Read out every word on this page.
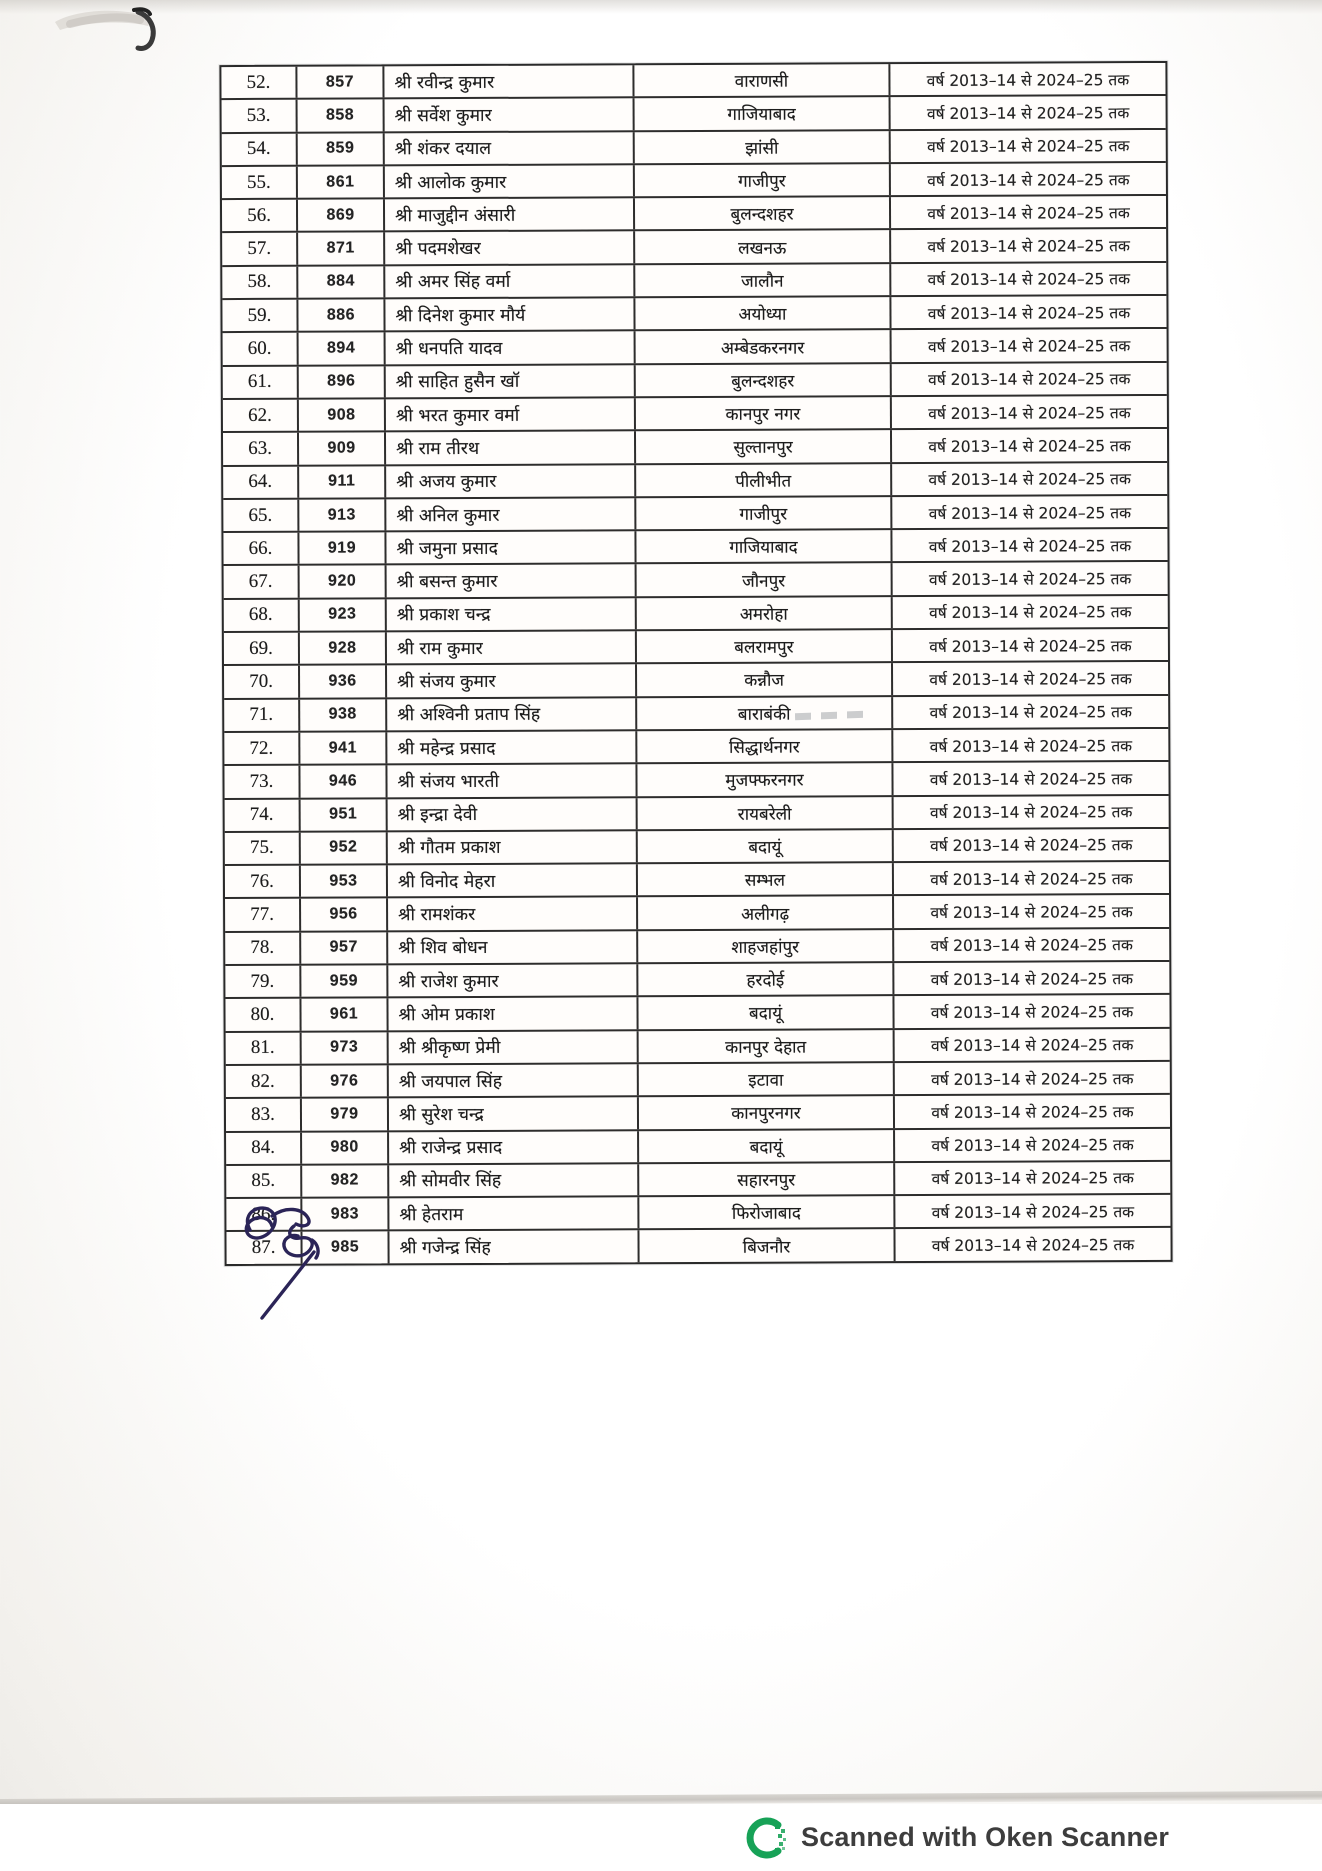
52.	857	श्री रवीन्द्र कुमार	वाराणसी	वर्ष 2013–14 से 2024–25 तक
53.	858	श्री सर्वेश कुमार	गाजियाबाद	वर्ष 2013–14 से 2024–25 तक
54.	859	श्री शंकर दयाल	झांसी	वर्ष 2013–14 से 2024–25 तक
55.	861	श्री आलोक कुमार	गाजीपुर	वर्ष 2013–14 से 2024–25 तक
56.	869	श्री माजुद्दीन अंसारी	बुलन्दशहर	वर्ष 2013–14 से 2024–25 तक
57.	871	श्री पदमशेखर	लखनऊ	वर्ष 2013–14 से 2024–25 तक
58.	884	श्री अमर सिंह वर्मा	जालौन	वर्ष 2013–14 से 2024–25 तक
59.	886	श्री दिनेश कुमार मौर्य	अयोध्या	वर्ष 2013–14 से 2024–25 तक
60.	894	श्री धनपति यादव	अम्बेडकरनगर	वर्ष 2013–14 से 2024–25 तक
61.	896	श्री साहित हुसैन खॉ	बुलन्दशहर	वर्ष 2013–14 से 2024–25 तक
62.	908	श्री भरत कुमार वर्मा	कानपुर नगर	वर्ष 2013–14 से 2024–25 तक
63.	909	श्री राम तीरथ	सुल्तानपुर	वर्ष 2013–14 से 2024–25 तक
64.	911	श्री अजय कुमार	पीलीभीत	वर्ष 2013–14 से 2024–25 तक
65.	913	श्री अनिल कुमार	गाजीपुर	वर्ष 2013–14 से 2024–25 तक
66.	919	श्री जमुना प्रसाद	गाजियाबाद	वर्ष 2013–14 से 2024–25 तक
67.	920	श्री बसन्त कुमार	जौनपुर	वर्ष 2013–14 से 2024–25 तक
68.	923	श्री प्रकाश चन्द्र	अमरोहा	वर्ष 2013–14 से 2024–25 तक
69.	928	श्री राम कुमार	बलरामपुर	वर्ष 2013–14 से 2024–25 तक
70.	936	श्री संजय कुमार	कन्नौज	वर्ष 2013–14 से 2024–25 तक
71.	938	श्री अश्विनी प्रताप सिंह	बाराबंकी	वर्ष 2013–14 से 2024–25 तक
72.	941	श्री महेन्द्र प्रसाद	सिद्धार्थनगर	वर्ष 2013–14 से 2024–25 तक
73.	946	श्री संजय भारती	मुजफ्फरनगर	वर्ष 2013–14 से 2024–25 तक
74.	951	श्री इन्द्रा देवी	रायबरेली	वर्ष 2013–14 से 2024–25 तक
75.	952	श्री गौतम प्रकाश	बदायूं	वर्ष 2013–14 से 2024–25 तक
76.	953	श्री विनोद मेहरा	सम्भल	वर्ष 2013–14 से 2024–25 तक
77.	956	श्री रामशंकर	अलीगढ़	वर्ष 2013–14 से 2024–25 तक
78.	957	श्री शिव बोधन	शाहजहांपुर	वर्ष 2013–14 से 2024–25 तक
79.	959	श्री राजेश कुमार	हरदोई	वर्ष 2013–14 से 2024–25 तक
80.	961	श्री ओम प्रकाश	बदायूं	वर्ष 2013–14 से 2024–25 तक
81.	973	श्री श्रीकृष्ण प्रेमी	कानपुर देहात	वर्ष 2013–14 से 2024–25 तक
82.	976	श्री जयपाल सिंह	इटावा	वर्ष 2013–14 से 2024–25 तक
83.	979	श्री सुरेश चन्द्र	कानपुरनगर	वर्ष 2013–14 से 2024–25 तक
84.	980	श्री राजेन्द्र प्रसाद	बदायूं	वर्ष 2013–14 से 2024–25 तक
85.	982	श्री सोमवीर सिंह	सहारनपुर	वर्ष 2013–14 से 2024–25 तक
86.	983	श्री हेतराम	फिरोजाबाद	वर्ष 2013–14 से 2024–25 तक
87.	985	श्री गजेन्द्र सिंह	बिजनौर	वर्ष 2013–14 से 2024–25 तक
Scanned with Oken Scanner
